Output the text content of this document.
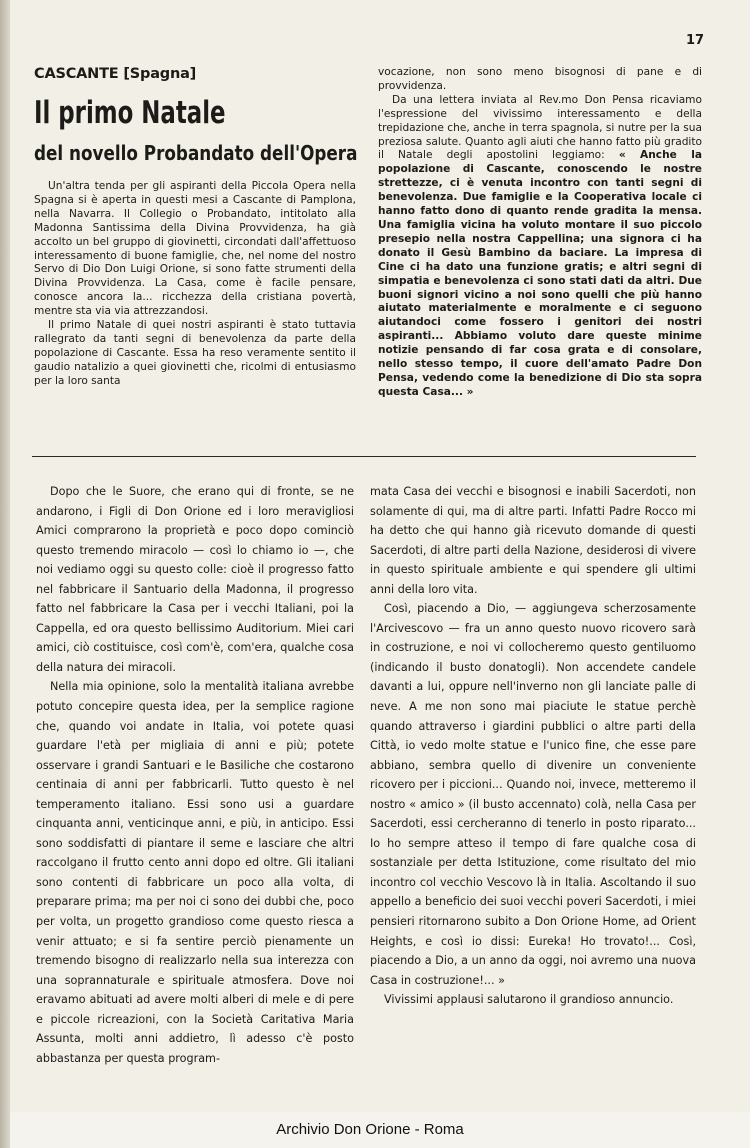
17
CASCANTE [Spagna]
Il primo Natale
del novello Probandato dell'Opera

Un'altra tenda per gli aspiranti della Piccola Opera nella Spagna si è aperta in questi mesi a Cascante di Pamplona, nella Navarra. Il Collegio o Probandato, intitolato alla Madonna Santissima della Divina Provvidenza, ha già accolto un bel gruppo di giovinetti, circondati dall'affettuoso interessamento di buone famiglie, che, nel nome del nostro Servo di Dio Don Luigi Orione, si sono fatte strumenti della Divina Provvidenza. La Casa, come è facile pensare, conosce ancora la... ricchezza della cristiana povertà, mentre sta via via attrezzandosi.

Il primo Natale di quei nostri aspiranti è stato tuttavia rallegrato da tanti segni di benevolenza da parte della popolazione di Cascante. Essa ha reso veramente sentito il gaudio natalizio a quei giovinetti che, ricolmi di entusiasmo per la loro santa

vocazione, non sono meno bisognosi di pane e di provvidenza.

Da una lettera inviata al Rev.mo Don Pensa ricaviamo l'espressione del vivissimo interessamento e della trepidazione che, anche in terra spagnola, si nutre per la sua preziosa salute. Quanto agli aiuti che hanno fatto più gradito il Natale degli apostolini leggiamo: « Anche la popolazione di Cascante, conoscendo le nostre strettezze, ci è venuta incontro con tanti segni di benevolenza. Due famiglie e la Cooperativa locale ci hanno fatto dono di quanto rende gradita la mensa. Una famiglia vicina ha voluto montare il suo piccolo presepio nella nostra Cappellina; una signora ci ha donato il Gesù Bambino da baciare. La impresa di Cine ci ha dato una funzione gratis; e altri segni di simpatia e benevolenza ci sono stati dati da altri. Due buoni signori vicino a noi sono quelli che più hanno aiutato materialmente e moralmente e ci seguono aiutandoci come fossero i genitori dei nostri aspiranti... Abbiamo voluto dare queste minime notizie pensando di far cosa grata e di consolare, nello stesso tempo, il cuore dell'amato Padre Don Pensa, vedendo come la benedizione di Dio sta sopra questa Casa... »

Dopo che le Suore, che erano qui di fronte, se ne andarono, i Figli di Don Orione ed i loro meravigliosi Amici comprarono la proprietà e poco dopo cominciò questo tremendo miracolo — così lo chiamo io —, che noi vediamo oggi su questo colle: cioè il progresso fatto nel fabbricare il Santuario della Madonna, il progresso fatto nel fabbricare la Casa per i vecchi Italiani, poi la Cappella, ed ora questo bellissimo Auditorium. Miei cari amici, ciò costituisce, così com'è, com'era, qualche cosa della natura dei miracoli.

Nella mia opinione, solo la mentalità italiana avrebbe potuto concepire questa idea, per la semplice ragione che, quando voi andate in Italia, voi potete quasi guardare l'età per migliaia di anni e più; potete osservare i grandi Santuari e le Basiliche che costarono centinaia di anni per fabbricarli. Tutto questo è nel temperamento italiano. Essi sono usi a guardare cinquanta anni, venticinque anni, e più, in anticipo. Essi sono soddisfatti di piantare il seme e lasciare che altri raccolgano il frutto cento anni dopo ed oltre. Gli italiani sono contenti di fabbricare un poco alla volta, di preparare prima; ma per noi ci sono dei dubbi che, poco per volta, un progetto grandioso come questo riesca a venir attuato; e si fa sentire perciò pienamente un tremendo bisogno di realizzarlo nella sua interezza con una soprannaturale e spirituale atmosfera. Dove noi eravamo abituati ad avere molti alberi di mele e di pere e piccole ricreazioni, con la Società Caritativa Maria Assunta, molti anni addietro, lì adesso c'è posto abbastanza per questa program-

mata Casa dei vecchi e bisognosi e inabili Sacerdoti, non solamente di qui, ma di altre parti. Infatti Padre Rocco mi ha detto che qui hanno già ricevuto domande di questi Sacerdoti, di altre parti della Nazione, desiderosi di vivere in questo spirituale ambiente e qui spendere gli ultimi anni della loro vita.

Così, piacendo a Dio, — aggiungeva scherzosamente l'Arcivescovo — fra un anno questo nuovo ricovero sarà in costruzione, e noi vi collocheremo questo gentiluomo (indicando il busto donatogli). Non accendete candele davanti a lui, oppure nell'inverno non gli lanciate palle di neve. A me non sono mai piaciute le statue perchè quando attraverso i giardini pubblici o altre parti della Città, io vedo molte statue e l'unico fine, che esse pare abbiano, sembra quello di divenire un conveniente ricovero per i piccioni... Quando noi, invece, metteremo il nostro « amico » (il busto accennato) colà, nella Casa per Sacerdoti, essi cercheranno di tenerlo in posto riparato... Io ho sempre atteso il tempo di fare qualche cosa di sostanziale per detta Istituzione, come risultato del mio incontro col vecchio Vescovo là in Italia. Ascoltando il suo appello a beneficio dei suoi vecchi poveri Sacerdoti, i miei pensieri ritornarono subito a Don Orione Home, ad Orient Heights, e così io dissi: Eureka! Ho trovato!... Così, piacendo a Dio, a un anno da oggi, noi avremo una nuova Casa in costruzione!... »

Vivissimi applausi salutarono il grandioso annuncio.

Archivio Don Orione - Roma
